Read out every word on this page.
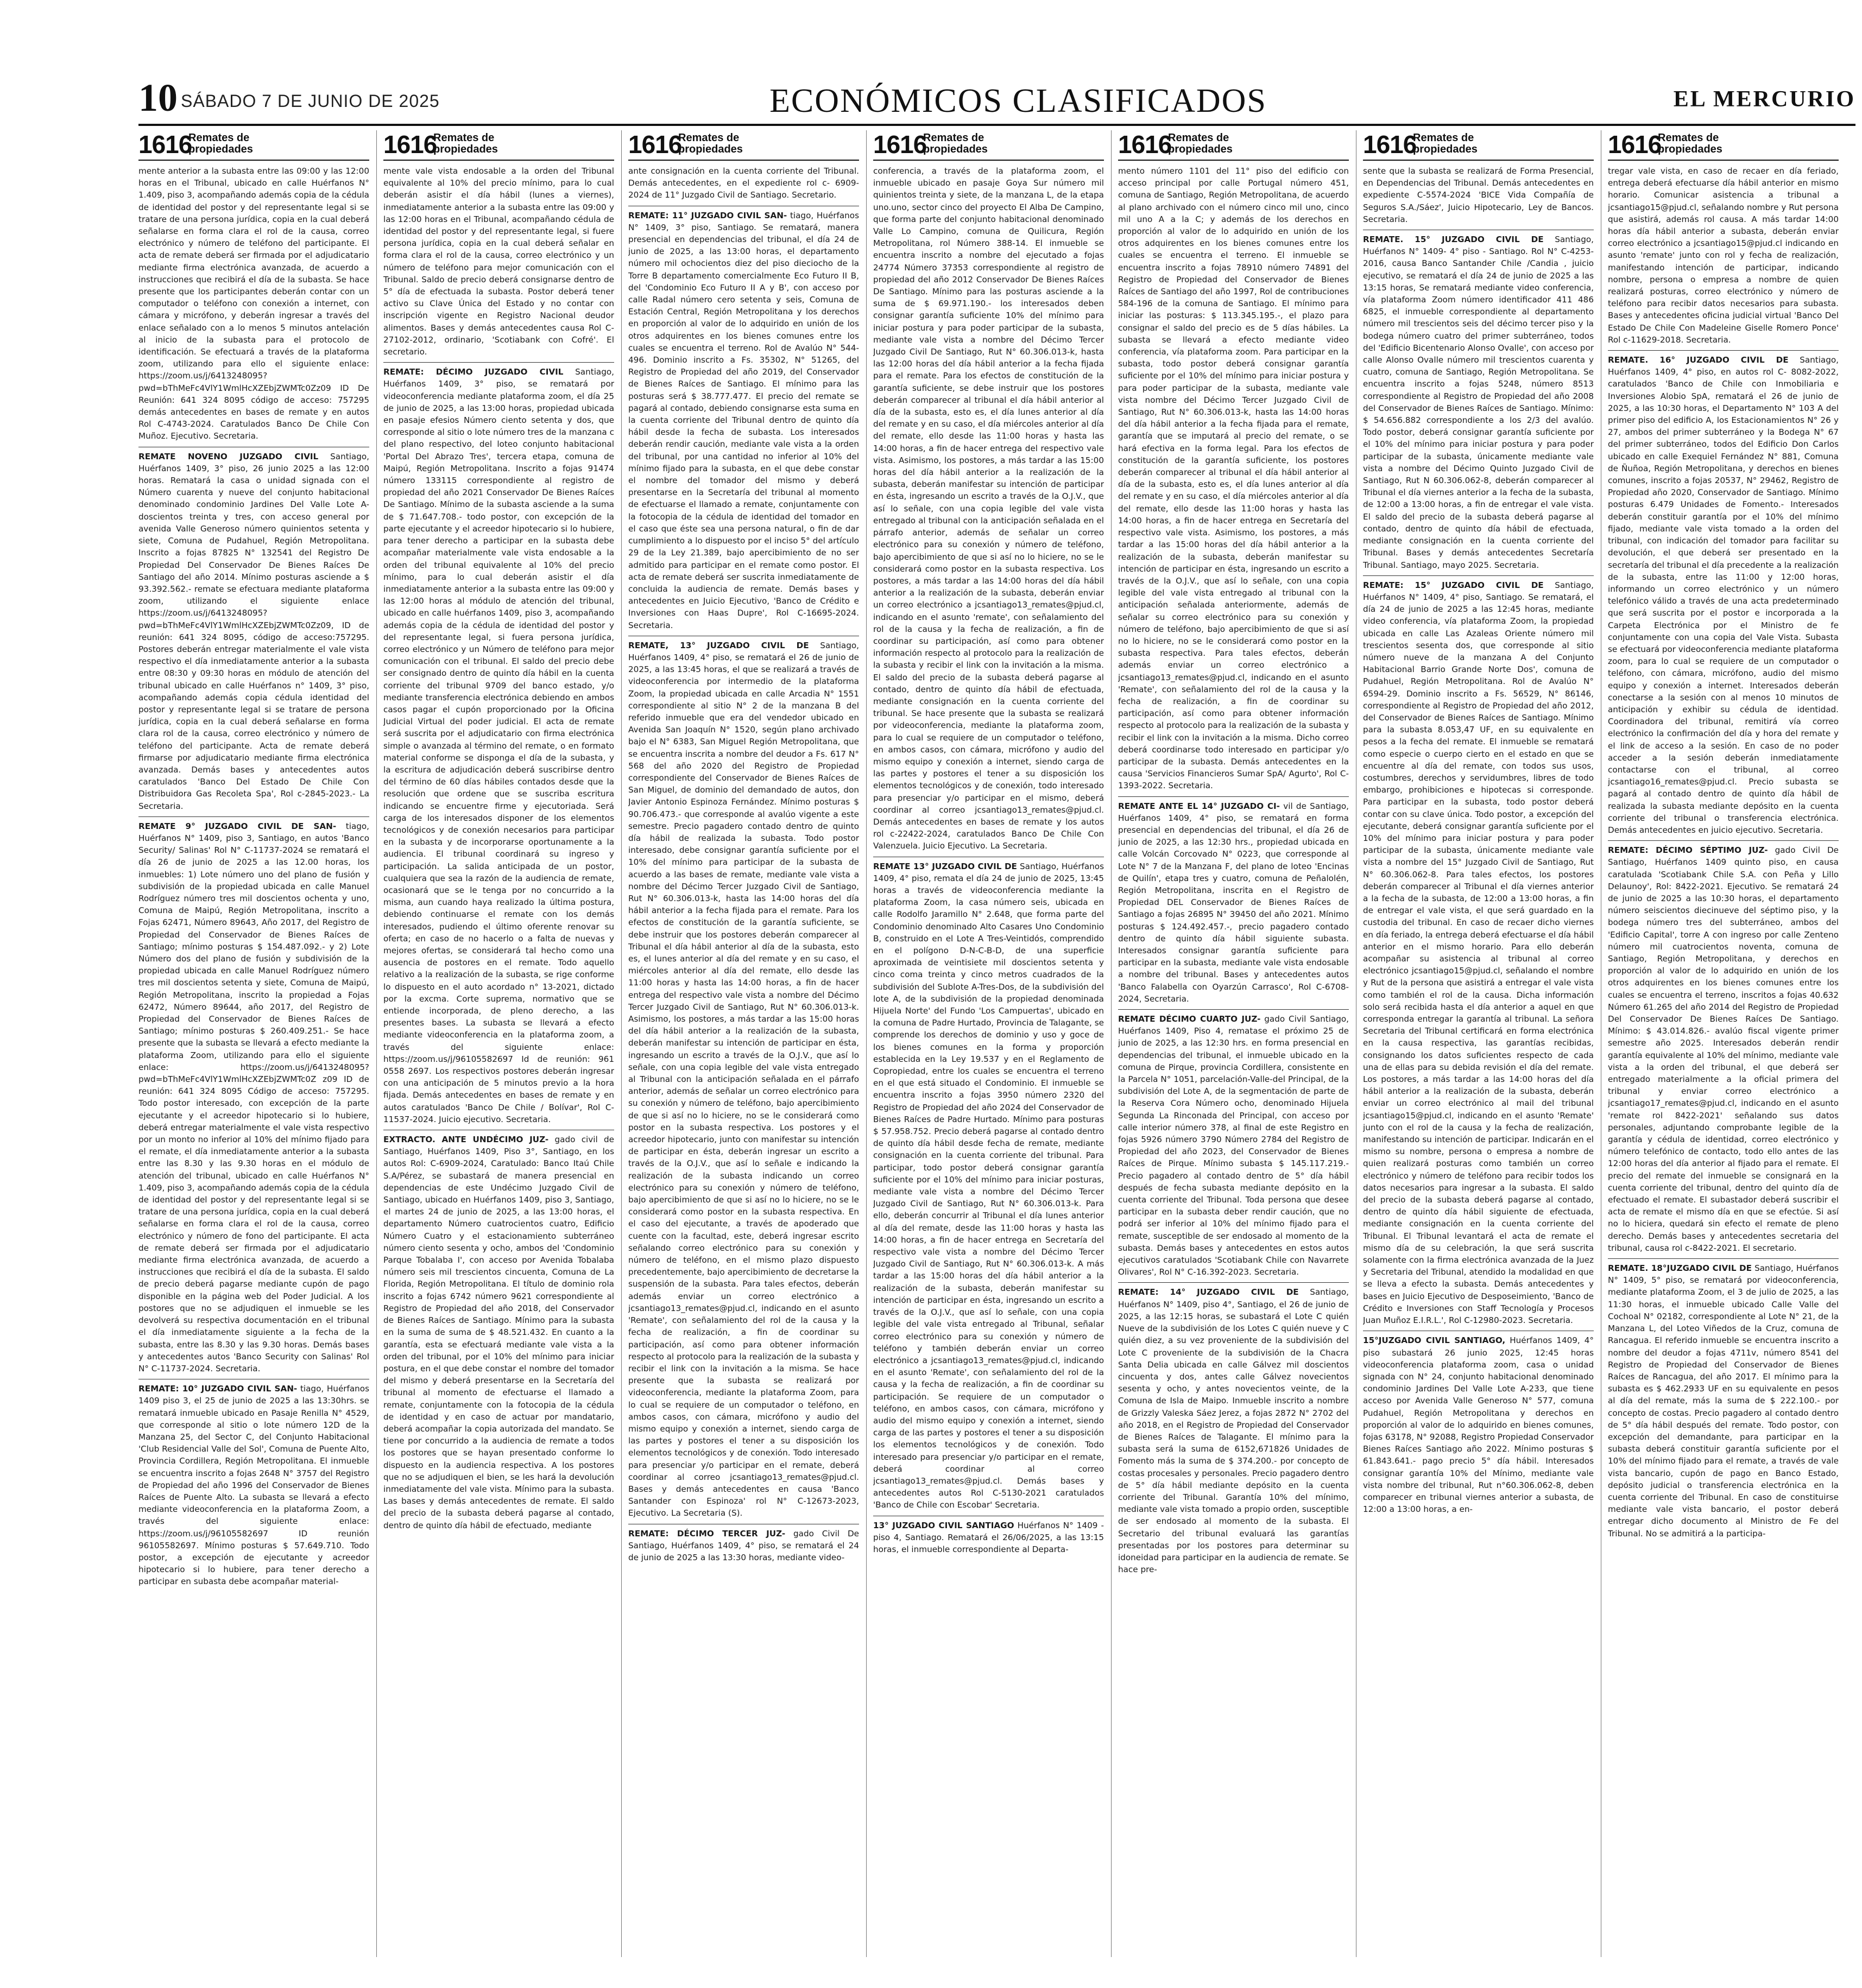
10 SÁBADO 7 DE JUNIO DE 2025	ECONÓMICOS CLASIFICADOS	EL MERCURIO
1616
Remates de
propiedades

mente anterior a la subasta entre las 09:00 y las 12:00 horas en el Tribunal, ubicado en calle Huérfanos N° 1.409, piso 3, acompañando además copia de la cédula de identidad del postor y del representante legal si se tratare de una persona jurídica, copia en la cual deberá señalarse en forma clara el rol de la causa, correo electrónico y número de teléfono del participante. El acta de remate deberá ser firmada por el adjudicatario mediante firma electrónica avanzada, de acuerdo a instrucciones que recibirá el día de la subasta. Se hace presente que los participantes deberán contar con un computador o teléfono con conexión a internet, con cámara y micrófono, y deberán ingresar a través del enlace señalado con a lo menos 5 minutos antelación al inicio de la subasta para el protocolo de identificación. Se efectuará a través de la plataforma zoom, utilizando para ello el siguiente enlace: https://zoom.us/j/6413248095?pwd=bThMeFc4VlY1WmlHcXZEbjZWMTc0Zz09 ID De Reunión: 641 324 8095 código de acceso: 757295 demás antecedentes en bases de remate y en autos Rol C-4743-2024. Caratulados Banco De Chile Con Muñoz. Ejecutivo. Secretaria.

REMATE NOVENO JUZGADO CIVIL Santiago, Huérfanos 1409, 3° piso, 26 junio 2025 a las 12:00 horas. Rematará la casa o unidad signada con el Número cuarenta y nueve del conjunto habitacional denominado condominio Jardines Del Valle Lote A-doscientos treinta y tres, con acceso general por avenida Valle Generoso número quinientos setenta y siete, Comuna de Pudahuel, Región Metropolitana. Inscrito a fojas 87825 N° 132541 del Registro De Propiedad Del Conservador De Bienes Raíces De Santiago del año 2014. Mínimo posturas asciende a $ 93.392.562.- remate se efectuara mediante plataforma zoom, utilizando el siguiente enlace https://zoom.us/j/6413248095? pwd=bThMeFc4VlY1WmlHcXZEbjZWMTc0Zz09, ID de reunión: 641 324 8095, código de acceso:757295. Postores deberán entregar materialmente el vale vista respectivo el día inmediatamente anterior a la subasta entre 08:30 y 09:30 horas en módulo de atención del tribunal ubicado en calle Huérfanos n° 1409, 3° piso, acompañando además copia cédula identidad del postor y representante legal si se tratare de persona jurídica, copia en la cual deberá señalarse en forma clara rol de la causa, correo electrónico y número de teléfono del participante. Acta de remate deberá firmarse por adjudicatario mediante firma electrónica avanzada. Demás bases y antecedentes autos caratulados 'Banco Del Estado De Chile Con Distribuidora Gas Recoleta Spa', Rol c-2845-2023.- La Secretaria.

REMATE 9° JUZGADO CIVIL DE SAN- tiago, Huérfanos N° 1409, piso 3, Santiago, en autos 'Banco Security/ Salinas' Rol N° C-11737-2024 se rematará el día 26 de junio de 2025 a las 12.00 horas, los inmuebles: 1) Lote número uno del plano de fusión y subdivisión de la propiedad ubicada en calle Manuel Rodríguez número tres mil doscientos ochenta y uno, Comuna de Maipú, Región Metropolitana, inscrito a Fojas 62471, Número 89643, Año 2017, del Registro de Propiedad del Conservador de Bienes Raíces de Santiago; mínimo posturas $ 154.487.092.- y 2) Lote Número dos del plano de fusión y subdivisión de la propiedad ubicada en calle Manuel Rodríguez número tres mil doscientos setenta y siete, Comuna de Maipú, Región Metropolitana, inscrito la propiedad a Fojas 62472, Número 89644, año 2017, del Registro de Propiedad del Conservador de Bienes Raíces de Santiago; mínimo posturas $ 260.409.251.- Se hace presente que la subasta se llevará a efecto mediante la plataforma Zoom, utilizando para ello el siguiente enlace: https://zoom.us/j/6413248095?pwd=bThMeFc4VlY1WmlHcXZEbjZWMTc0Z z09 ID de reunión: 641 324 8095 Código de acceso: 757295. Todo postor interesado, con excepción de la parte ejecutante y el acreedor hipotecario si lo hubiere, deberá entregar materialmente el vale vista respectivo por un monto no inferior al 10% del mínimo fijado para el remate, el día inmediatamente anterior a la subasta entre las 8.30 y las 9.30 horas en el módulo de atención del tribunal, ubicado en calle Huérfanos N° 1.409, piso 3, acompañando además copia de la cédula de identidad del postor y del representante legal si se tratare de una persona jurídica, copia en la cual deberá señalarse en forma clara el rol de la causa, correo electrónico y número de fono del participante. El acta de remate deberá ser firmada por el adjudicatario mediante firma electrónica avanzada, de acuerdo a instrucciones que recibirá el día de la subasta. El saldo de precio deberá pagarse mediante cupón de pago disponible en la página web del Poder Judicial. A los postores que no se adjudiquen el inmueble se les devolverá su respectiva documentación en el tribunal el día inmediatamente siguiente a la fecha de la subasta, entre las 8.30 y las 9.30 horas. Demás bases y antecedentes autos 'Banco Security con Salinas' Rol N° C-11737-2024. Secretaria.

REMATE: 10° JUZGADO CIVIL SAN- tiago, Huérfanos 1409 piso 3, el 25 de junio de 2025 a las 13:30hrs. se rematará inmueble ubicado en Pasaje Renilla N° 4529, que corresponde al sitio o lote número 12D de la Manzana 25, del Sector C, del Conjunto Habitacional 'Club Residencial Valle del Sol', Comuna de Puente Alto, Provincia Cordillera, Región Metropolitana. El inmueble se encuentra inscrito a fojas 2648 N° 3757 del Registro de Propiedad del año 1996 del Conservador de Bienes Raíces de Puente Alto. La subasta se llevará a efecto mediante videoconferencia en la plataforma Zoom, a través del siguiente enlace: https://zoom.us/j/96105582697 ID reunión 96105582697. Mínimo posturas $ 57.649.710. Todo postor, a excepción de ejecutante y acreedor hipotecario si lo hubiere, para tener derecho a participar en subasta debe acompañar material-

1616
Remates de
propiedades

mente vale vista endosable a la orden del Tribunal equivalente al 10% del precio mínimo, para lo cual deberán asistir el día hábil (lunes a viernes), inmediatamente anterior a la subasta entre las 09:00 y las 12:00 horas en el Tribunal, acompañando cédula de identidad del postor y del representante legal, si fuere persona jurídica, copia en la cual deberá señalar en forma clara el rol de la causa, correo electrónico y un número de teléfono para mejor comunicación con el Tribunal. Saldo de precio deberá consignarse dentro de 5° día de efectuada la subasta. Postor deberá tener activo su Clave Única del Estado y no contar con inscripción vigente en Registro Nacional deudor alimentos. Bases y demás antecedentes causa Rol C-27102-2012, ordinario, 'Scotiabank con Cofré'. El secretario.

REMATE: DÉCIMO JUZGADO CIVIL Santiago, Huérfanos 1409, 3° piso, se rematará por videoconferencia mediante plataforma zoom, el día 25 de junio de 2025, a las 13:00 horas, propiedad ubicada en pasaje efesios Número ciento setenta y dos, que corresponde al sitio o lote número tres de la manzana c del plano respectivo, del loteo conjunto habitacional 'Portal Del Abrazo Tres', tercera etapa, comuna de Maipú, Región Metropolitana. Inscrito a fojas 91474 número 133115 correspondiente al registro de propiedad del año 2021 Conservador De Bienes Raíces De Santiago. Mínimo de la subasta asciende a la suma de $ 71.647.708.- todo postor, con excepción de la parte ejecutante y el acreedor hipotecario si lo hubiere, para tener derecho a participar en la subasta debe acompañar materialmente vale vista endosable a la orden del tribunal equivalente al 10% del precio mínimo, para lo cual deberán asistir el día inmediatamente anterior a la subasta entre las 09:00 y las 12:00 horas al módulo de atención del tribunal, ubicado en calle huérfanos 1409, piso 3, acompañando además copia de la cédula de identidad del postor y del representante legal, si fuera persona jurídica, correo electrónico y un Número de teléfono para mejor comunicación con el tribunal. El saldo del precio debe ser consignado dentro de quinto día hábil en la cuenta corriente del tribunal 9709 del banco estado, y/o mediante transferencia electrónica debiendo en ambos casos pagar el cupón proporcionado por la Oficina Judicial Virtual del poder judicial. El acta de remate será suscrita por el adjudicatario con firma electrónica simple o avanzada al término del remate, o en formato material conforme se disponga el día de la subasta, y la escritura de adjudicación deberá suscribirse dentro del término de 60 días hábiles contados desde que la resolución que ordene que se suscriba escritura indicando se encuentre firme y ejecutoriada. Será carga de los interesados disponer de los elementos tecnológicos y de conexión necesarios para participar en la subasta y de incorporarse oportunamente a la audiencia. El tribunal coordinará su ingreso y participación. La salida anticipada de un postor, cualquiera que sea la razón de la audiencia de remate, ocasionará que se le tenga por no concurrido a la misma, aun cuando haya realizado la última postura, debiendo continuarse el remate con los demás interesados, pudiendo el último oferente renovar su oferta; en caso de no hacerlo o a falta de nuevas y mejores ofertas, se considerará tal hecho como una ausencia de postores en el remate. Todo aquello relativo a la realización de la subasta, se rige conforme lo dispuesto en el auto acordado n° 13-2021, dictado por la excma. Corte suprema, normativo que se entiende incorporada, de pleno derecho, a las presentes bases. La subasta se llevará a efecto mediante videoconferencia en la plataforma zoom, a través del siguiente enlace: https://zoom.us/j/96105582697 Id de reunión: 961 0558 2697. Los respectivos postores deberán ingresar con una anticipación de 5 minutos previo a la hora fijada. Demás antecedentes en bases de remate y en autos caratulados 'Banco De Chile / Bolívar', Rol C-11537-2024. Juicio ejecutivo. Secretaria.

EXTRACTO. ANTE UNDÉCIMO JUZ- gado civil de Santiago, Huérfanos 1409, Piso 3°, Santiago, en los autos Rol: C-6909-2024, Caratulado: Banco Itaú Chile S.A/Pérez, se subastará de manera presencial en dependencias de este Undécimo Juzgado Civil de Santiago, ubicado en Huérfanos 1409, piso 3, Santiago, el martes 24 de junio de 2025, a las 13:00 horas, el departamento Número cuatrocientos cuatro, Edificio Número Cuatro y el estacionamiento subterráneo número ciento sesenta y ocho, ambos del 'Condominio Parque Tobalaba I', con acceso por Avenida Tobalaba número seis mil trescientos cincuenta, Comuna de La Florida, Región Metropolitana. El título de dominio rola inscrito a fojas 6742 número 9621 correspondiente al Registro de Propiedad del año 2018, del Conservador de Bienes Raíces de Santiago. Mínimo para la subasta en la suma de suma de $ 48.521.432. En cuanto a la garantía, esta se efectuará mediante vale vista a la orden del tribunal, por el 10% del mínimo para iniciar postura, en el que debe constar el nombre del tomador del mismo y deberá presentarse en la Secretaría del tribunal al momento de efectuarse el llamado a remate, conjuntamente con la fotocopia de la cédula de identidad y en caso de actuar por mandatario, deberá acompañar la copia autorizada del mandato. Se tiene por concurrido a la audiencia de remate a todos los postores que se hayan presentado conforme lo dispuesto en la audiencia respectiva. A los postores que no se adjudiquen el bien, se les hará la devolución inmediatamente del vale vista. Mínimo para la subasta. Las bases y demás antecedentes de remate. El saldo del precio de la subasta deberá pagarse al contado, dentro de quinto día hábil de efectuado, mediante

1616
Remates de
propiedades

ante consignación en la cuenta corriente del Tribunal. Demás antecedentes, en el expediente rol c- 6909-2024 de 11° Juzgado Civil de Santiago. Secretario.

REMATE: 11° JUZGADO CIVIL SAN- tiago, Huérfanos N° 1409, 3° piso, Santiago. Se rematará, manera presencial en dependencias del tribunal, el día 24 de junio de 2025, a las 13:00 horas, el departamento número mil ochocientos diez del piso dieciocho de la Torre B departamento comercialmente Eco Futuro II B, del 'Condominio Eco Futuro II A y B', con acceso por calle Radal número cero setenta y seis, Comuna de Estación Central, Región Metropolitana y los derechos en proporción al valor de lo adquirido en unión de los otros adquirentes en los bienes comunes entre los cuales se encuentra el terreno. Rol de Avalúo N° 544-496. Dominio inscrito a Fs. 35302, N° 51265, del Registro de Propiedad del año 2019, del Conservador de Bienes Raíces de Santiago. El mínimo para las posturas será $ 38.777.477. El precio del remate se pagará al contado, debiendo consignarse esta suma en la cuenta corriente del Tribunal dentro de quinto día hábil desde la fecha de subasta. Los interesados deberán rendir caución, mediante vale vista a la orden del tribunal, por una cantidad no inferior al 10% del mínimo fijado para la subasta, en el que debe constar el nombre del tomador del mismo y deberá presentarse en la Secretaría del tribunal al momento de efectuarse el llamado a remate, conjuntamente con la fotocopia de la cédula de identidad del tomador en el caso que éste sea una persona natural, o fin de dar cumplimiento a lo dispuesto por el inciso 5° del artículo 29 de la Ley 21.389, bajo apercibimiento de no ser admitido para participar en el remate como postor. El acta de remate deberá ser suscrita inmediatamente de concluida la audiencia de remate. Demás bases y antecedentes en Juicio Ejecutivo, 'Banco de Crédito e Inversiones con Haas Dupre', Rol C-16695-2024. Secretaria.

REMATE, 13° JUZGADO CIVIL DE Santiago, Huérfanos 1409, 4° piso, se rematará el 26 de junio de 2025, a las 13:45 horas, el que se realizará a través de videoconferencia por intermedio de la plataforma Zoom, la propiedad ubicada en calle Arcadia N° 1551 correspondiente al sitio N° 2 de la manzana B del referido inmueble que era del vendedor ubicado en Avenida San Joaquín N° 1520, según plano archivado bajo el N° 6383, San Miguel Región Metropolitana, que se encuentra inscrita a nombre del deudor a Fs. 617 N° 568 del año 2020 del Registro de Propiedad correspondiente del Conservador de Bienes Raíces de San Miguel, de dominio del demandado de autos, don Javier Antonio Espinoza Fernández. Mínimo posturas $ 90.706.473.- que corresponde al avalúo vigente a este semestre. Precio pagadero contado dentro de quinto día hábil de realizada la subasta. Todo postor interesado, debe consignar garantía suficiente por el 10% del mínimo para participar de la subasta de acuerdo a las bases de remate, mediante vale vista a nombre del Décimo Tercer Juzgado Civil de Santiago, Rut N° 60.306.013-k, hasta las 14:00 horas del día hábil anterior a la fecha fijada para el remate. Para los efectos de constitución de la garantía suficiente, se debe instruir que los postores deberán comparecer al Tribunal el día hábil anterior al día de la subasta, esto es, el lunes anterior al día del remate y en su caso, el miércoles anterior al día del remate, ello desde las 11:00 horas y hasta las 14:00 horas, a fin de hacer entrega del respectivo vale vista a nombre del Décimo Tercer Juzgado Civil de Santiago, Rut N° 60.306.013-k. Asimismo, los postores, a más tardar a las 15:00 horas del día hábil anterior a la realización de la subasta, deberán manifestar su intención de participar en ésta, ingresando un escrito a través de la O.J.V., que así lo señale, con una copia legible del vale vista entregado al Tribunal con la anticipación señalada en el párrafo anterior, además de señalar un correo electrónico para su conexión y número de teléfono, bajo apercibimiento de que si así no lo hiciere, no se le considerará como postor en la subasta respectiva. Los postores y el acreedor hipotecario, junto con manifestar su intención de participar en ésta, deberán ingresar un escrito a través de la O.J.V., que así lo señale e indicando la realización de la subasta indicando un correo electrónico para su conexión y número de teléfono, bajo apercibimiento de que si así no lo hiciere, no se le considerará como postor en la subasta respectiva. En el caso del ejecutante, a través de apoderado que cuente con la facultad, este, deberá ingresar escrito señalando correo electrónico para su conexión y número de teléfono, en el mismo plazo dispuesto precedentemente, bajo apercibimiento de decretarse la suspensión de la subasta. Para tales efectos, deberán además enviar un correo electrónico a jcsantiago13_remates@pjud.cl, indicando en el asunto 'Remate', con señalamiento del rol de la causa y la fecha de realización, a fin de coordinar su participación, así como para obtener información respecto al protocolo para la realización de la subasta y recibir el link con la invitación a la misma. Se hace presente que la subasta se realizará por videoconferencia, mediante la plataforma Zoom, para lo cual se requiere de un computador o teléfono, en ambos casos, con cámara, micrófono y audio del mismo equipo y conexión a internet, siendo carga de las partes y postores el tener a su disposición los elementos tecnológicos y de conexión. Todo interesado para presenciar y/o participar en el remate, deberá coordinar al correo jcsantiago13_remates@pjud.cl. Bases y demás antecedentes en causa 'Banco Santander con Espinoza' rol N° C-12673-2023, Ejecutivo. La Secretaria (S).

REMATE: DÉCIMO TERCER JUZ- gado Civil De Santiago, Huérfanos 1409, 4° piso, se rematará el 24 de junio de 2025 a las 13:30 horas, mediante video-

1616
Remates de
propiedades

conferencia, a través de la plataforma zoom, el inmueble ubicado en pasaje Goya Sur número mil quinientos treinta y siete, de la manzana L, de la etapa uno.uno, sector cinco del proyecto El Alba De Campino, que forma parte del conjunto habitacional denominado Valle Lo Campino, comuna de Quilicura, Región Metropolitana, rol Número 388-14. El inmueble se encuentra inscrito a nombre del ejecutado a fojas 24774 Número 37353 correspondiente al registro de propiedad del año 2012 Conservador De Bienes Raíces De Santiago. Mínimo para las posturas asciende a la suma de $ 69.971.190.- los interesados deben consignar garantía suficiente 10% del mínimo para iniciar postura y para poder participar de la subasta, mediante vale vista a nombre del Décimo Tercer Juzgado Civil De Santiago, Rut N° 60.306.013-k, hasta las 12:00 horas del día hábil anterior a la fecha fijada para el remate. Para los efectos de constitución de la garantía suficiente, se debe instruir que los postores deberán comparecer al tribunal el día hábil anterior al día de la subasta, esto es, el día lunes anterior al día del remate y en su caso, el día miércoles anterior al día del remate, ello desde las 11:00 horas y hasta las 14:00 horas, a fin de hacer entrega del respectivo vale vista. Asimismo, los postores, a más tardar a las 15:00 horas del día hábil anterior a la realización de la subasta, deberán manifestar su intención de participar en ésta, ingresando un escrito a través de la O.J.V., que así lo señale, con una copia legible del vale vista entregado al tribunal con la anticipación señalada en el párrafo anterior, además de señalar un correo electrónico para su conexión y número de teléfono, bajo apercibimiento de que si así no lo hiciere, no se le considerará como postor en la subasta respectiva. Los postores, a más tardar a las 14:00 horas del día hábil anterior a la realización de la subasta, deberán enviar un correo electrónico a jcsantiago13_remates@pjud.cl, indicando en el asunto 'remate', con señalamiento del rol de la causa y la fecha de realización, a fin de coordinar su participación, así como para obtener información respecto al protocolo para la realización de la subasta y recibir el link con la invitación a la misma. El saldo del precio de la subasta deberá pagarse al contado, dentro de quinto día hábil de efectuada, mediante consignación en la cuenta corriente del tribunal. Se hace presente que la subasta se realizará por videoconferencia, mediante la plataforma zoom, para lo cual se requiere de un computador o teléfono, en ambos casos, con cámara, micrófono y audio del mismo equipo y conexión a internet, siendo carga de las partes y postores el tener a su disposición los elementos tecnológicos y de conexión, todo interesado para presenciar y/o participar en el mismo, deberá coordinar al correo jcsantiago13_remates@pjud.cl. Demás antecedentes en bases de remate y los autos rol c-22422-2024, caratulados Banco De Chile Con Valenzuela. Juicio Ejecutivo. La Secretaria.

REMATE 13° JUZGADO CIVIL DE Santiago, Huérfanos 1409, 4° piso, remata el día 24 de junio de 2025, 13:45 horas a través de videoconferencia mediante la plataforma Zoom, la casa número seis, ubicada en calle Rodolfo Jaramillo N° 2.648, que forma parte del Condominio denominado Alto Casares Uno Condominio B, construido en el Lote A Tres-Veintidós, comprendido en el polígono D-N-C-B-D, de una superficie aproximada de veintisiete mil doscientos setenta y cinco coma treinta y cinco metros cuadrados de la subdivisión del Sublote A-Tres-Dos, de la subdivisión del lote A, de la subdivisión de la propiedad denominada Hijuela Norte' del Fundo 'Los Campuertas', ubicado en la comuna de Padre Hurtado, Provincia de Talagante, se comprende los derechos de dominio y uso y goce de los bienes comunes en la forma y proporción establecida en la Ley 19.537 y en el Reglamento de Copropiedad, entre los cuales se encuentra el terreno en el que está situado el Condominio. El inmueble se encuentra inscrito a fojas 3950 número 2320 del Registro de Propiedad del año 2024 del Conservador de Bienes Raíces de Padre Hurtado. Mínimo para posturas $ 57.958.752. Precio deberá pagarse al contado dentro de quinto día hábil desde fecha de remate, mediante consignación en la cuenta corriente del tribunal. Para participar, todo postor deberá consignar garantía suficiente por el 10% del mínimo para iniciar posturas, mediante vale vista a nombre del Décimo Tercer Juzgado Civil de Santiago, Rut N° 60.306.013-k. Para ello, deberán concurrir al Tribunal el día lunes anterior al día del remate, desde las 11:00 horas y hasta las 14:00 horas, a fin de hacer entrega en Secretaría del respectivo vale vista a nombre del Décimo Tercer Juzgado Civil de Santiago, Rut N° 60.306.013-k. A más tardar a las 15:00 horas del día hábil anterior a la realización de la subasta, deberán manifestar su intención de participar en ésta, ingresando un escrito a través de la O.J.V., que así lo señale, con una copia legible del vale vista entregado al Tribunal, señalar correo electrónico para su conexión y número de teléfono y también deberán enviar un correo electrónico a jcsantiago13_remates@pjud.cl, indicando en el asunto 'Remate', con señalamiento del rol de la causa y la fecha de realización, a fin de coordinar su participación. Se requiere de un computador o teléfono, en ambos casos, con cámara, micrófono y audio del mismo equipo y conexión a internet, siendo carga de las partes y postores el tener a su disposición los elementos tecnológicos y de conexión. Todo interesado para presenciar y/o participar en el remate, deberá coordinar al correo jcsantiago13_remates@pjud.cl. Demás bases y antecedentes autos Rol C-5130-2021 caratulados 'Banco de Chile con Escobar' Secretaria.

13° JUZGADO CIVIL SANTIAGO Huérfanos N° 1409 - piso 4, Santiago. Rematará el 26/06/2025, a las 13:15 horas, el inmueble correspondiente al Departa-

1616
Remates de
propiedades

mento número 1101 del 11° piso del edificio con acceso principal por calle Portugal número 451, comuna de Santiago, Región Metropolitana, de acuerdo al plano archivado con el número cinco mil uno, cinco mil uno A a la C; y además de los derechos en proporción al valor de lo adquirido en unión de los otros adquirentes en los bienes comunes entre los cuales se encuentra el terreno. El inmueble se encuentra inscrito a fojas 78910 número 74891 del Registro de Propiedad del Conservador de Bienes Raíces de Santiago del año 1997, Rol de contribuciones 584-196 de la comuna de Santiago. El mínimo para iniciar las posturas: $ 113.345.195.-, el plazo para consignar el saldo del precio es de 5 días hábiles. La subasta se llevará a efecto mediante video conferencia, vía plataforma zoom. Para participar en la subasta, todo postor deberá consignar garantía suficiente por el 10% del mínimo para iniciar postura y para poder participar de la subasta, mediante vale vista nombre del Décimo Tercer Juzgado Civil de Santiago, Rut N° 60.306.013-k, hasta las 14:00 horas del día hábil anterior a la fecha fijada para el remate, garantía que se imputará al precio del remate, o se hará efectiva en la forma legal. Para los efectos de constitución de la garantía suficiente, los postores deberán comparecer al tribunal el día hábil anterior al día de la subasta, esto es, el día lunes anterior al día del remate y en su caso, el día miércoles anterior al día del remate, ello desde las 11:00 horas y hasta las 14:00 horas, a fin de hacer entrega en Secretaría del respectivo vale vista. Asimismo, los postores, a más tardar a las 15:00 horas del día hábil anterior a la realización de la subasta, deberán manifestar su intención de participar en ésta, ingresando un escrito a través de la O.J.V., que así lo señale, con una copia legible del vale vista entregado al tribunal con la anticipación señalada anteriormente, además de señalar su correo electrónico para su conexión y número de teléfono, bajo apercibimiento de que si así no lo hiciere, no se le considerará como postor en la subasta respectiva. Para tales efectos, deberán además enviar un correo electrónico a jcsantiago13_remates@pjud.cl, indicando en el asunto 'Remate', con señalamiento del rol de la causa y la fecha de realización, a fin de coordinar su participación, así como para obtener información respecto al protocolo para la realización de la subasta y recibir el link con la invitación a la misma. Dicho correo deberá coordinarse todo interesado en participar y/o participar de la subasta. Demás antecedentes en la causa 'Servicios Financieros Sumar SpA/ Agurto', Rol C-1393-2022. Secretaria.

REMATE ANTE EL 14° JUZGADO CI- vil de Santiago, Huérfanos 1409, 4° piso, se rematará en forma presencial en dependencias del tribunal, el día 26 de junio de 2025, a las 12:30 hrs., propiedad ubicada en calle Volcán Corcovado N° 0223, que corresponde al Lote N° 7 de la Manzana F, del plano de loteo 'Encinas de Quilín', etapa tres y cuatro, comuna de Peñalolén, Región Metropolitana, inscrita en el Registro de Propiedad DEL Conservador de Bienes Raíces de Santiago a fojas 26895 N° 39450 del año 2021. Mínimo posturas $ 124.492.457.-, precio pagadero contado dentro de quinto día hábil siguiente subasta. Interesados consignar garantía suficiente para participar en la subasta, mediante vale vista endosable a nombre del tribunal. Bases y antecedentes autos 'Banco Falabella con Oyarzún Carrasco', Rol C-6708-2024, Secretaria.

REMATE DÉCIMO CUARTO JUZ- gado Civil Santiago, Huérfanos 1409, Piso 4, rematase el próximo 25 de junio de 2025, a las 12:30 hrs. en forma presencial en dependencias del tribunal, el inmueble ubicado en la comuna de Pirque, provincia Cordillera, consistente en la Parcela N° 1051, parcelación-Valle-del Principal, de la subdivisión del Lote A, de la segmentación de parte de la Reserva Cora Número ocho, denominado Hijuela Segunda La Rinconada del Principal, con acceso por calle interior número 378, al final de este Registro en fojas 5926 número 3790 Número 2784 del Registro de Propiedad del año 2023, del Conservador de Bienes Raíces de Pirque. Mínimo subasta $ 145.117.219.- Precio pagadero al contado dentro de 5° día hábil después de fecha subasta mediante depósito en la cuenta corriente del Tribunal. Toda persona que desee participar en la subasta deber rendir caución, que no podrá ser inferior al 10% del mínimo fijado para el remate, susceptible de ser endosado al momento de la subasta. Demás bases y antecedentes en estos autos ejecutivos caratulados 'Scotiabank Chile con Navarrete Olivares', Rol N° C-16.392-2023. Secretaria.

REMATE: 14° JUZGADO CIVIL DE Santiago, Huérfanos N° 1409, piso 4°, Santiago, el 26 de junio de 2025, a las 12:15 horas, se subastará el Lote C quién Nueve de la subdivisión de los Lotes C quién nueve y C quién diez, a su vez proveniente de la subdivisión del Lote C proveniente de la subdivisión de la Chacra Santa Delia ubicada en calle Gálvez mil doscientos cincuenta y dos, antes calle Gálvez novecientos sesenta y ocho, y antes novecientos veinte, de la Comuna de Isla de Maipo. Inmueble inscrito a nombre de Grizzly Valeska Sáez Jerez, a fojas 2872 N° 2702 del año 2018, en el Registro de Propiedad del Conservador de Bienes Raíces de Talagante. El mínimo para la subasta será la suma de 6152,671826 Unidades de Fomento más la suma de $ 374.200.- por concepto de costas procesales y personales. Precio pagadero dentro de 5° día hábil mediante depósito en la cuenta corriente del Tribunal. Garantía 10% del mínimo, mediante vale vista tomado a propio orden, susceptible de ser endosado al momento de la subasta. El Secretario del tribunal evaluará las garantías presentadas por los postores para determinar su idoneidad para participar en la audiencia de remate. Se hace pre-

1616
Remates de
propiedades

sente que la subasta se realizará de Forma Presencial, en Dependencias del Tribunal. Demás antecedentes en expediente C-5574-2024 'BICE Vida Compañía de Seguros S.A./Sáez', Juicio Hipotecario, Ley de Bancos. Secretaria.

REMATE. 15° JUZGADO CIVIL DE Santiago, Huérfanos N° 1409- 4° piso - Santiago. Rol N° C-4253-2016, causa Banco Santander Chile /Candia , juicio ejecutivo, se rematará el día 24 de junio de 2025 a las 13:15 horas, Se rematará mediante video conferencia, vía plataforma Zoom número identificador 411 486 6825, el inmueble correspondiente al departamento número mil trescientos seis del décimo tercer piso y la bodega número cuatro del primer subterráneo, todos del 'Edificio Bicentenario Alonso Ovalle', con acceso por calle Alonso Ovalle número mil trescientos cuarenta y cuatro, comuna de Santiago, Región Metropolitana. Se encuentra inscrito a fojas 5248, número 8513 correspondiente al Registro de Propiedad del año 2008 del Conservador de Bienes Raíces de Santiago. Mínimo: $ 54.656.882 correspondiente a los 2/3 del avalúo. Todo postor, deberá consignar garantía suficiente por el 10% del mínimo para iniciar postura y para poder participar de la subasta, únicamente mediante vale vista a nombre del Décimo Quinto Juzgado Civil de Santiago, Rut N 60.306.062-8, deberán comparecer al Tribunal el día viernes anterior a la fecha de la subasta, de 12:00 a 13:00 horas, a fin de entregar el vale vista. El saldo del precio de la subasta deberá pagarse al contado, dentro de quinto día hábil de efectuada, mediante consignación en la cuenta corriente del Tribunal. Bases y demás antecedentes Secretaría Tribunal. Santiago, mayo 2025. Secretaria.

REMATE: 15° JUZGADO CIVIL DE Santiago, Huérfanos N° 1409, 4° piso, Santiago. Se rematará, el día 24 de junio de 2025 a las 12:45 horas, mediante video conferencia, vía plataforma Zoom, la propiedad ubicada en calle Las Azaleas Oriente número mil trescientos sesenta dos, que corresponde al sitio número nueve de la manzana A del Conjunto Habitacional Barrio Grande Norte Dos', comuna de Pudahuel, Región Metropolitana. Rol de Avalúo N° 6594-29. Dominio inscrito a Fs. 56529, N° 86146, correspondiente al Registro de Propiedad del año 2012, del Conservador de Bienes Raíces de Santiago. Mínimo para la subasta 8.053,47 UF, en su equivalente en pesos a la fecha del remate. El inmueble se rematará como especie o cuerpo cierto en el estado en que se encuentre al día del remate, con todos sus usos, costumbres, derechos y servidumbres, libres de todo embargo, prohibiciones e hipotecas si corresponde. Para participar en la subasta, todo postor deberá contar con su clave única. Todo postor, a excepción del ejecutante, deberá consignar garantía suficiente por el 10% del mínimo para iniciar postura y para poder participar de la subasta, únicamente mediante vale vista a nombre del 15° Juzgado Civil de Santiago, Rut N° 60.306.062-8. Para tales efectos, los postores deberán comparecer al Tribunal el día viernes anterior a la fecha de la subasta, de 12:00 a 13:00 horas, a fin de entregar el vale vista, el que será guardado en la custodia del tribunal. En caso de recaer dicho viernes en día feriado, la entrega deberá efectuarse el día hábil anterior en el mismo horario. Para ello deberán acompañar su asistencia al tribunal al correo electrónico jcsantiago15@pjud.cl, señalando el nombre y Rut de la persona que asistirá a entregar el vale vista como también el rol de la causa. Dicha información solo será recibida hasta el día anterior a aquel en que corresponda entregar la garantía al tribunal. La señora Secretaria del Tribunal certificará en forma electrónica en la causa respectiva, las garantías recibidas, consignando los datos suficientes respecto de cada una de ellas para su debida revisión el día del remate. Los postores, a más tardar a las 14:00 horas del día hábil anterior a la realización de la subasta, deberán enviar un correo electrónico al mail del tribunal jcsantiago15@pjud.cl, indicando en el asunto 'Remate' junto con el rol de la causa y la fecha de realización, manifestando su intención de participar. Indicarán en el mismo su nombre, persona o empresa a nombre de quien realizará posturas como también un correo electrónico y número de teléfono para recibir todos los datos necesarios para ingresar a la subasta. El saldo del precio de la subasta deberá pagarse al contado, dentro de quinto día hábil siguiente de efectuada, mediante consignación en la cuenta corriente del Tribunal. El Tribunal levantará el acta de remate el mismo día de su celebración, la que será suscrita solamente con la firma electrónica avanzada de la Juez y Secretaria del Tribunal, atendido la modalidad en que se lleva a efecto la subasta. Demás antecedentes y bases en Juicio Ejecutivo de Desposeimiento, 'Banco de Crédito e Inversiones con Staff Tecnología y Procesos Juan Muñoz E.I.R.L.', Rol C-12980-2023. Secretaria.

15°JUZGADO CIVIL SANTIAGO, Huérfanos 1409, 4° piso subastará 26 junio 2025, 12:45 horas videoconferencia plataforma zoom, casa o unidad signada con N° 24, conjunto habitacional denominado condominio Jardines Del Valle Lote A-233, que tiene acceso por Avenida Valle Generoso N° 577, comuna Pudahuel, Región Metropolitana y derechos en proporción al valor de lo adquirido en bienes comunes, fojas 63178, N° 92088, Registro Propiedad Conservador Bienes Raíces Santiago año 2022. Mínimo posturas $ 61.843.641.- pago precio 5° día hábil. Interesados consignar garantía 10% del Mínimo, mediante vale vista nombre del tribunal, Rut n°60.306.062-8, deben comparecer en tribunal viernes anterior a subasta, de 12:00 a 13:00 horas, a en-

1616
Remates de
propiedades

tregar vale vista, en caso de recaer en día feriado, entrega deberá efectuarse día hábil anterior en mismo horario. Comunicar asistencia a tribunal a jcsantiago15@pjud.cl, señalando nombre y Rut persona que asistirá, además rol causa. A más tardar 14:00 horas día hábil anterior a subasta, deberán enviar correo electrónico a jcsantiago15@pjud.cl indicando en asunto 'remate' junto con rol y fecha de realización, manifestando intención de participar, indicando nombre, persona o empresa a nombre de quien realizará posturas, correo electrónico y número de teléfono para recibir datos necesarios para subasta. Bases y antecedentes oficina judicial virtual 'Banco Del Estado De Chile Con Madeleine Giselle Romero Ponce' Rol c-11629-2018. Secretaria.

REMATE. 16° JUZGADO CIVIL DE Santiago, Huérfanos 1409, 4° piso, en autos rol C- 8082-2022, caratulados 'Banco de Chile con Inmobiliaria e Inversiones Alobio SpA, rematará el 26 de junio de 2025, a las 10:30 horas, el Departamento N° 103 A del primer piso del edificio A, los Estacionamientos N° 26 y 27, ambos del primer subterráneo y la Bodega N° 67 del primer subterráneo, todos del Edificio Don Carlos ubicado en calle Exequiel Fernández N° 881, Comuna de Ñuñoa, Región Metropolitana, y derechos en bienes comunes, inscrito a fojas 20537, N° 29462, Registro de Propiedad año 2020, Conservador de Santiago. Mínimo posturas 6.479 Unidades de Fomento.- Interesados deberán constituir garantía por el 10% del mínimo fijado, mediante vale vista tomado a la orden del tribunal, con indicación del tomador para facilitar su devolución, el que deberá ser presentado en la secretaría del tribunal el día precedente a la realización de la subasta, entre las 11:00 y 12:00 horas, informando un correo electrónico y un número telefónico válido a través de una acta predeterminado que será suscrita por el postor e incorporada a la Carpeta Electrónica por el Ministro de fe conjuntamente con una copia del Vale Vista. Subasta se efectuará por videoconferencia mediante plataforma zoom, para lo cual se requiere de un computador o teléfono, con cámara, micrófono, audio del mismo equipo y conexión a internet. Interesados deberán conectarse a la sesión con al menos 10 minutos de anticipación y exhibir su cédula de identidad. Coordinadora del tribunal, remitirá vía correo electrónico la confirmación del día y hora del remate y el link de acceso a la sesión. En caso de no poder acceder a la sesión deberán inmediatamente contactarse con el tribunal, al correo jcsantiago16_remates@pjud.cl. Precio subasta se pagará al contado dentro de quinto día hábil de realizada la subasta mediante depósito en la cuenta corriente del tribunal o transferencia electrónica. Demás antecedentes en juicio ejecutivo. Secretaria.

REMATE: DÉCIMO SÉPTIMO JUZ- gado Civil De Santiago, Huérfanos 1409 quinto piso, en causa caratulada 'Scotiabank Chile S.A. con Peña y Lillo Delaunoy', Rol: 8422-2021. Ejecutivo. Se rematará 24 de junio de 2025 a las 10:30 horas, el departamento número seiscientos diecinueve del séptimo piso, y la bodega número tres del subterráneo, ambos del 'Edificio Capital', torre A con ingreso por calle Zenteno número mil cuatrocientos noventa, comuna de Santiago, Región Metropolitana, y derechos en proporción al valor de lo adquirido en unión de los otros adquirentes en los bienes comunes entre los cuales se encuentra el terreno, inscritos a fojas 40.632 Número 61.265 del año 2014 del Registro de Propiedad Del Conservador De Bienes Raíces De Santiago. Mínimo: $ 43.014.826.- avalúo fiscal vigente primer semestre año 2025. Interesados deberán rendir garantía equivalente al 10% del mínimo, mediante vale vista a la orden del tribunal, el que deberá ser entregado materialmente a la oficial primera del tribunal y enviar correo electrónico a jcsantiago17_remates@pjud.cl, indicando en el asunto 'remate rol 8422-2021' señalando sus datos personales, adjuntando comprobante legible de la garantía y cédula de identidad, correo electrónico y número telefónico de contacto, todo ello antes de las 12:00 horas del día anterior al fijado para el remate. El precio del remate del inmueble se consignará en la cuenta corriente del tribunal, dentro del quinto día de efectuado el remate. El subastador deberá suscribir el acta de remate el mismo día en que se efectúe. Si así no lo hiciera, quedará sin efecto el remate de pleno derecho. Demás bases y antecedentes secretaria del tribunal, causa rol c-8422-2021. El secretario.

REMATE. 18°JUZGADO CIVIL DE Santiago, Huérfanos N° 1409, 5° piso, se rematará por videoconferencia, mediante plataforma Zoom, el 3 de julio de 2025, a las 11:30 horas, el inmueble ubicado Calle Valle del Cochoal N° 02182, correspondiente al Lote N° 21, de la Manzana L, del Loteo Viñedos de la Cruz, comuna de Rancagua. El referido inmueble se encuentra inscrito a nombre del deudor a fojas 4711v, número 8541 del Registro de Propiedad del Conservador de Bienes Raíces de Rancagua, del año 2017. El mínimo para la subasta es $ 462.2933 UF en su equivalente en pesos al día del remate, más la suma de $ 222.100.- por concepto de costas. Precio pagadero al contado dentro de 5° día hábil después del remate. Todo postor, con excepción del demandante, para participar en la subasta deberá constituir garantía suficiente por el 10% del mínimo fijado para el remate, a través de vale vista bancario, cupón de pago en Banco Estado, depósito judicial o transferencia electrónica en la cuenta corriente del Tribunal. En caso de constituirse mediante vale vista bancario, el postor deberá entregar dicho documento al Ministro de Fe del Tribunal. No se admitirá a la participa-
